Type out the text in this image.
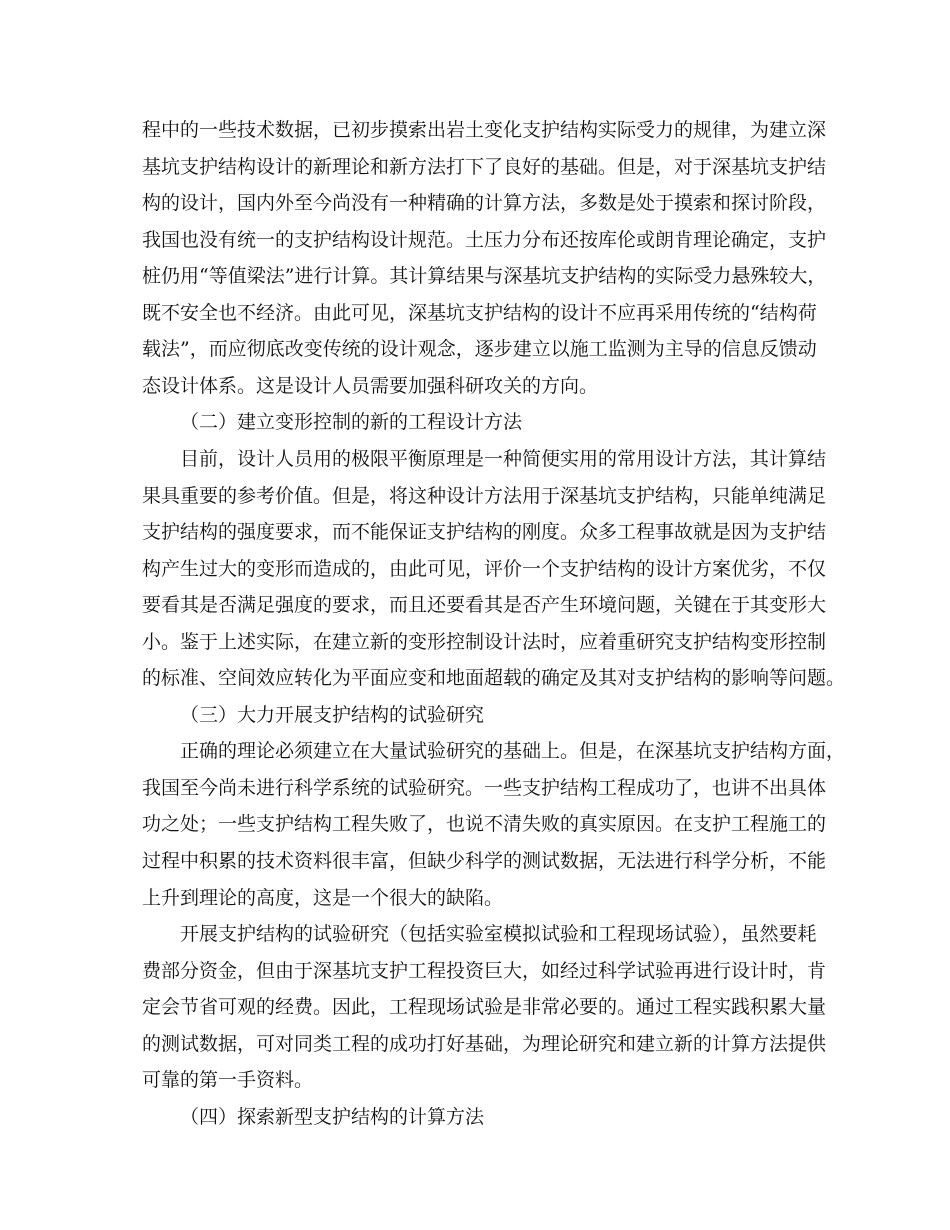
程中的一些技术数据，已初步摸索出岩土变化支护结构实际受力的规律，为建立深

基坑支护结构设计的新理论和新方法打下了良好的基础。但是，对于深基坑支护结

构的设计，国内外至今尚没有一种精确的计算方法，多数是处于摸索和探讨阶段，

我国也没有统一的支护结构设计规范。土压力分布还按库伦或朗肯理论确定，支护

桩仍用“等值梁法”进行计算。其计算结果与深基坑支护结构的实际受力悬殊较大，

既不安全也不经济。由此可见，深基坑支护结构的设计不应再采用传统的“结构荷

载法”，而应彻底改变传统的设计观念，逐步建立以施工监测为主导的信息反馈动

态设计体系。这是设计人员需要加强科研攻关的方向。

（二）建立变形控制的新的工程设计方法

目前，设计人员用的极限平衡原理是一种简便实用的常用设计方法，其计算结

果具重要的参考价值。但是，将这种设计方法用于深基坑支护结构，只能单纯满足

支护结构的强度要求，而不能保证支护结构的刚度。众多工程事故就是因为支护结

构产生过大的变形而造成的，由此可见，评价一个支护结构的设计方案优劣，不仅

要看其是否满足强度的要求，而且还要看其是否产生环境问题，关键在于其变形大

小。鉴于上述实际，在建立新的变形控制设计法时，应着重研究支护结构变形控制

的标准、空间效应转化为平面应变和地面超载的确定及其对支护结构的影响等问题。

（三）大力开展支护结构的试验研究

正确的理论必须建立在大量试验研究的基础上。但是，在深基坑支护结构方面，

我国至今尚未进行科学系统的试验研究。一些支护结构工程成功了，也讲不出具体

功之处；一些支护结构工程失败了，也说不清失败的真实原因。在支护工程施工的

过程中积累的技术资料很丰富，但缺少科学的测试数据，无法进行科学分析，不能

上升到理论的高度，这是一个很大的缺陷。

开展支护结构的试验研究（包括实验室模拟试验和工程现场试验），虽然要耗

费部分资金，但由于深基坑支护工程投资巨大，如经过科学试验再进行设计时，肯

定会节省可观的经费。因此，工程现场试验是非常必要的。通过工程实践积累大量

的测试数据，可对同类工程的成功打好基础，为理论研究和建立新的计算方法提供

可靠的第一手资料。

（四）探索新型支护结构的计算方法
